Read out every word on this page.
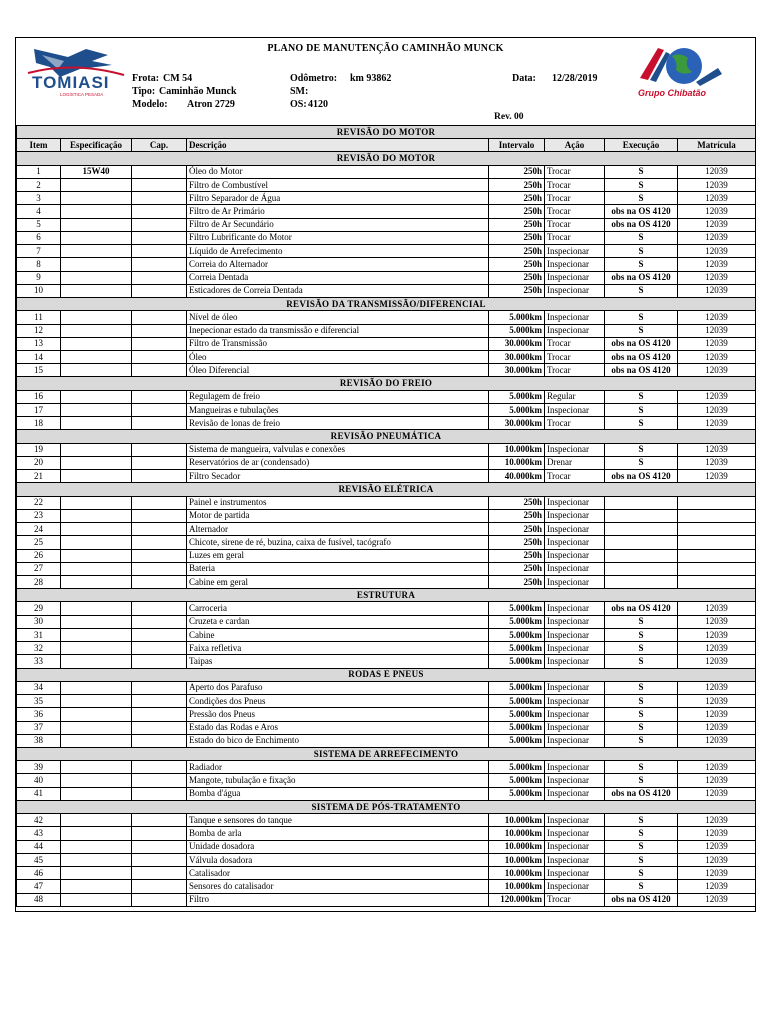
PLANO DE MANUTENÇÃO CAMINHÃO MUNCK
TOMIASI
LOGÍSTICA PESADA
Frota: CM 54
Tipo: Caminhão Munck
Modelo: Atron 2729
Odômetro: km 93862
SM:
OS: 4120
Data: 12/28/2019
Rev. 00
Grupo Chibatão
REVISÃO DO MOTOR							
Item	Especificação	Cap.	Descrição	Intervalo	Ação	Execução	Matrícula
REVISÃO DO MOTOR							
1	15W40		Óleo do Motor	250h	Trocar	S	12039
2			Filtro de Combustível	250h	Trocar	S	12039
3			Filtro Separador de Água	250h	Trocar	S	12039
4			Filtro de Ar Primário	250h	Trocar	obs na OS 4120	12039
5			Filtro de Ar Secundário	250h	Trocar	obs na OS 4120	12039
6			Filtro Lubrificante do Motor	250h	Trocar	S	12039
7			Líquido de Arrefecimento	250h	Inspecionar	S	12039
8			Correia do Alternador	250h	Inspecionar	S	12039
9			Correia Dentada	250h	Inspecionar	obs na OS 4120	12039
10			Esticadores de Correia Dentada	250h	Inspecionar	S	12039
REVISÃO DA TRANSMISSÃO/DIFERENCIAL							
11			Nível de óleo	5.000km	Inspecionar	S	12039
12			Inepecionar estado da transmissão e diferencial	5.000km	Inspecionar	S	12039
13			Filtro de Transmissão	30.000km	Trocar	obs na OS 4120	12039
14			Óleo	30.000km	Trocar	obs na OS 4120	12039
15			Óleo Diferencial	30.000km	Trocar	obs na OS 4120	12039
REVISÃO DO FREIO							
16			Regulagem de freio	5.000km	Regular	S	12039
17			Mangueiras e tubulações	5.000km	Inspecionar	S	12039
18			Revisão de lonas de freio	30.000km	Trocar	S	12039
REVISÃO PNEUMÁTICA							
19			Sistema de mangueira, valvulas e conexões	10.000km	Inspecionar	S	12039
20			Reservatórios de ar (condensado)	10.000km	Drenar	S	12039
21			Filtro Secador	40.000km	Trocar	obs na OS 4120	12039
REVISÃO ELÉTRICA							
22			Painel e instrumentos	250h	Inspecionar		
23			Motor de partida	250h	Inspecionar		
24			Alternador	250h	Inspecionar		
25			Chicote, sirene de ré, buzina, caixa de fusível, tacógrafo	250h	Inspecionar		
26			Luzes em geral	250h	Inspecionar		
27			Bateria	250h	Inspecionar		
28			Cabine em geral	250h	Inspecionar		
ESTRUTURA							
29			Carroceria	5.000km	Inspecionar	obs na OS 4120	12039
30			Cruzeta e cardan	5.000km	Inspecionar	S	12039
31			Cabine	5.000km	Inspecionar	S	12039
32			Faixa refletiva	5.000km	Inspecionar	S	12039
33			Taipas	5.000km	Inspecionar	S	12039
RODAS E PNEUS							
34			Aperto dos Parafuso	5.000km	Inspecionar	S	12039
35			Condições dos Pneus	5.000km	Inspecionar	S	12039
36			Pressão dos Pneus	5.000km	Inspecionar	S	12039
37			Estado das Rodas e Aros	5.000km	Inspecionar	S	12039
38			Estado do bico de Enchimento	5.000km	Inspecionar	S	12039
SISTEMA DE ARREFECIMENTO							
39			Radiador	5.000km	Inspecionar	S	12039
40			Mangote, tubulação e fixação	5.000km	Inspecionar	S	12039
41			Bomba d'água	5.000km	Inspecionar	obs na OS 4120	12039
SISTEMA DE PÓS-TRATAMENTO							
42			Tanque e sensores do tanque	10.000km	Inspecionar	S	12039
43			Bomba de arla	10.000km	Inspecionar	S	12039
44			Unidade dosadora	10.000km	Inspecionar	S	12039
45			Válvula dosadora	10.000km	Inspecionar	S	12039
46			Catalisador	10.000km	Inspecionar	S	12039
47			Sensores do catalisador	10.000km	Inspecionar	S	12039
48			Filtro	120.000km	Trocar	obs na OS 4120	12039
